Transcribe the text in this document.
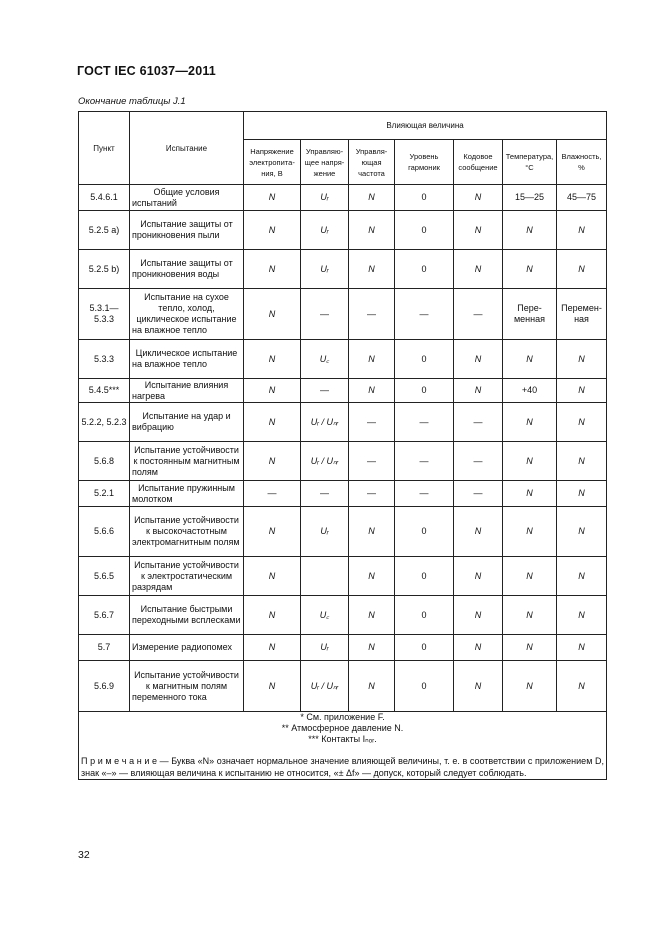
ГОСТ IEC 61037—2011
Окончание таблицы J.1
Пункт	Испытание	Влияющая величина						
		Напряжение электропитания, В	Управляющее напряжение	Управляющая частота	Уровень гармоник	Кодовое сообщение	Температура, °C	Влажность, %
5.4.6.1	Общие условия испытаний	N	Uᵣ	N	0	N	15—25	45—75
5.2.5 а)	Испытание защиты от проникновения пыли	N	Uᵣ	N	0	N	N	N
5.2.5 b)	Испытание защиты от проникновения воды	N	Uᵣ	N	0	N	N	N
5.3.1— 5.3.3	Испытание на сухое тепло, холод, циклическое испытание на влажное тепло	N	—	—	—	—	Переменная	Переменная
5.3.3	Циклическое испытание на влажное тепло	N	U꜀	N	0	N	N	N
5.4.5***	Испытание влияния нагрева	N	—	N	0	N	+40	N
5.2.2, 5.2.3	Испытание на удар и вибрацию	N	Uᵣ / Uₙᵣ	—	—	—	N	N
5.6.8	Испытание устойчивости к постоянным магнитным полям	N	Uᵣ / Uₙᵣ	—	—	—	N	N
5.2.1	Испытание пружинным молотком	—	—	—	—	—	N	N
5.6.6	Испытание устойчивости к высокочастотным электромагнитным полям	N	Uᵣ	N	0	N	N	N
5.6.5	Испытание устойчивости к электростатическим разрядам	N		N	0	N	N	N
5.6.7	Испытание быстрыми переходными всплесками	N	U꜀	N	0	N	N	N
5.7	Измерение радиопомех	N	Uᵣ	N	0	N	N	N
5.6.9	Испытание устойчивости к магнитным полям переменного тока	N	Uᵣ / Uₙᵣ	N	0	N	N	N

* См. приложение F.
** Атмосферное давление N.
*** Контакты Iₙₒᵣ.
П р и м е ч а н и е — Буква «N» означает нормальное значение влияющей величины, т. е. в соответствии с приложением D, знак «–» — влияющая величина к испытанию не относится, «± Δf» — допуск, который следует соблюдать.								
32
